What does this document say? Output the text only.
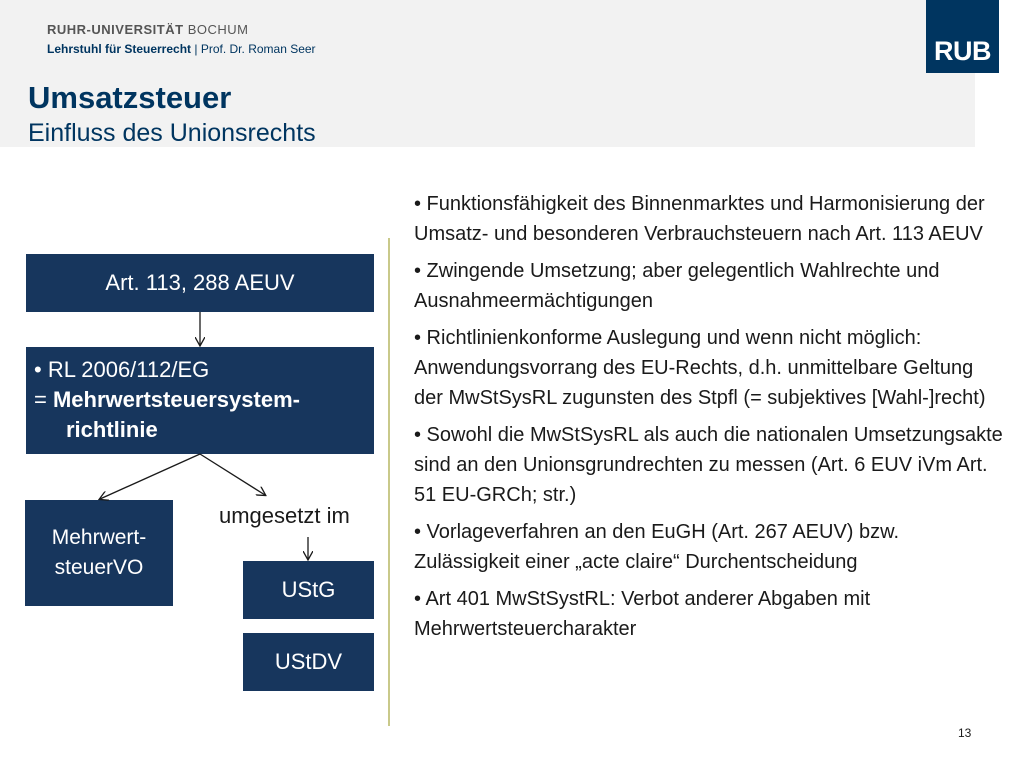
RUHR-UNIVERSITÄT BOCHUM
Lehrstuhl für Steuerrecht | Prof. Dr. Roman Seer
Umsatzsteuer
Einfluss des Unionsrechts
RUB
Art. 113, 288 AEUV
• RL 2006/112/EG
= Mehrwertsteuersystem-
richtlinie
Mehrwert-
steuerVO
umgesetzt im
UStG
UStDV

• Funktionsfähigkeit des Binnenmarktes und Harmonisierung der Umsatz- und besonderen Verbrauchsteuern nach Art. 113 AEUV

• Zwingende Umsetzung; aber gelegentlich Wahlrechte und Ausnahmeermächtigungen

• Richtlinienkonforme Auslegung und wenn nicht möglich: Anwendungsvorrang des EU-Rechts, d.h. unmittelbare Geltung der MwStSysRL zugunsten des Stpfl (= subjektives [Wahl-]recht)

• Sowohl die MwStSysRL als auch die nationalen Umsetzungsakte sind an den Unionsgrundrechten zu messen (Art. 6 EUV iVm Art. 51 EU-GRCh; str.)

• Vorlageverfahren an den EuGH (Art. 267 AEUV) bzw. Zulässigkeit einer „acte claire“ Durchentscheidung

• Art 401 MwStSystRL: Verbot anderer Abgaben mit Mehrwertsteuercharakter

13
